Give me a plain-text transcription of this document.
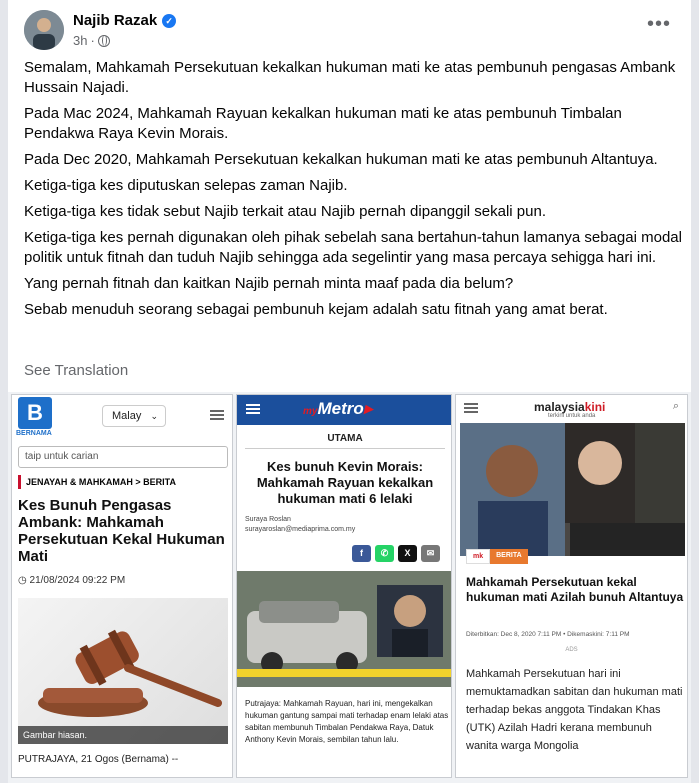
Najib Razak ✓
3h ·
•••

Semalam, Mahkamah Persekutuan kekalkan hukuman mati ke atas pembunuh pengasas Ambank Hussain Najadi.

Pada Mac 2024, Mahkamah Rayuan kekalkan hukuman mati ke atas pembunuh Timbalan Pendakwa Raya Kevin Morais.

Pada Dec 2020, Mahkamah Persekutuan kekalkan hukuman mati ke atas pembunuh Altantuya.

Ketiga-tiga kes diputuskan selepas zaman Najib.

Ketiga-tiga kes tidak sebut Najib terkait atau Najib pernah dipanggil sekali pun.

Ketiga-tiga kes pernah digunakan oleh pihak sebelah sana bertahun-tahun lamanya sebagai modal politik untuk fitnah dan tuduh Najib sehingga ada segelintir yang masa percaya sehigga hari ini.

Yang pernah fitnah dan kaitkan Najib pernah minta maaf pada dia belum?

Sebab menuduh seorang sebagai pembunuh kejam adalah satu fitnah yang amat berat.

See Translation
B
BERNAMA
Malay ⌄
taip untuk carian
JENAYAH & MAHKAMAH > BERITA
Kes Bunuh Pengasas Ambank: Mahkamah Persekutuan Kekal Hukuman Mati
◷ 21/08/2024 09:22 PM
Gambar hiasan.
PUTRAJAYA, 21 Ogos (Bernama) --
myMetro▸
UTAMA
Kes bunuh Kevin Morais: Mahkamah Rayuan kekalkan hukuman mati 6 lelaki
Suraya Roslan
surayaroslan@mediaprima.com.my
f	✆	X	✉
Putrajaya: Mahkamah Rayuan, hari ini, mengekalkan hukuman gantung sampai mati terhadap enam lelaki atas sabitan membunuh Timbalan Pendakwa Raya, Datuk Anthony Kevin Morais, sembilan tahun lalu.
malaysiakini
terkini untuk anda
⌕
mk	BERITA
Mahkamah Persekutuan kekal hukuman mati Azilah bunuh Altantuya
Diterbitkan: Dec 8, 2020 7:11 PM • Dikemaskini: 7:11 PM
ADS
Mahkamah Persekutuan hari ini memuktamadkan sabitan dan hukuman mati terhadap bekas anggota Tindakan Khas (UTK) Azilah Hadri kerana membunuh wanita warga Mongolia
